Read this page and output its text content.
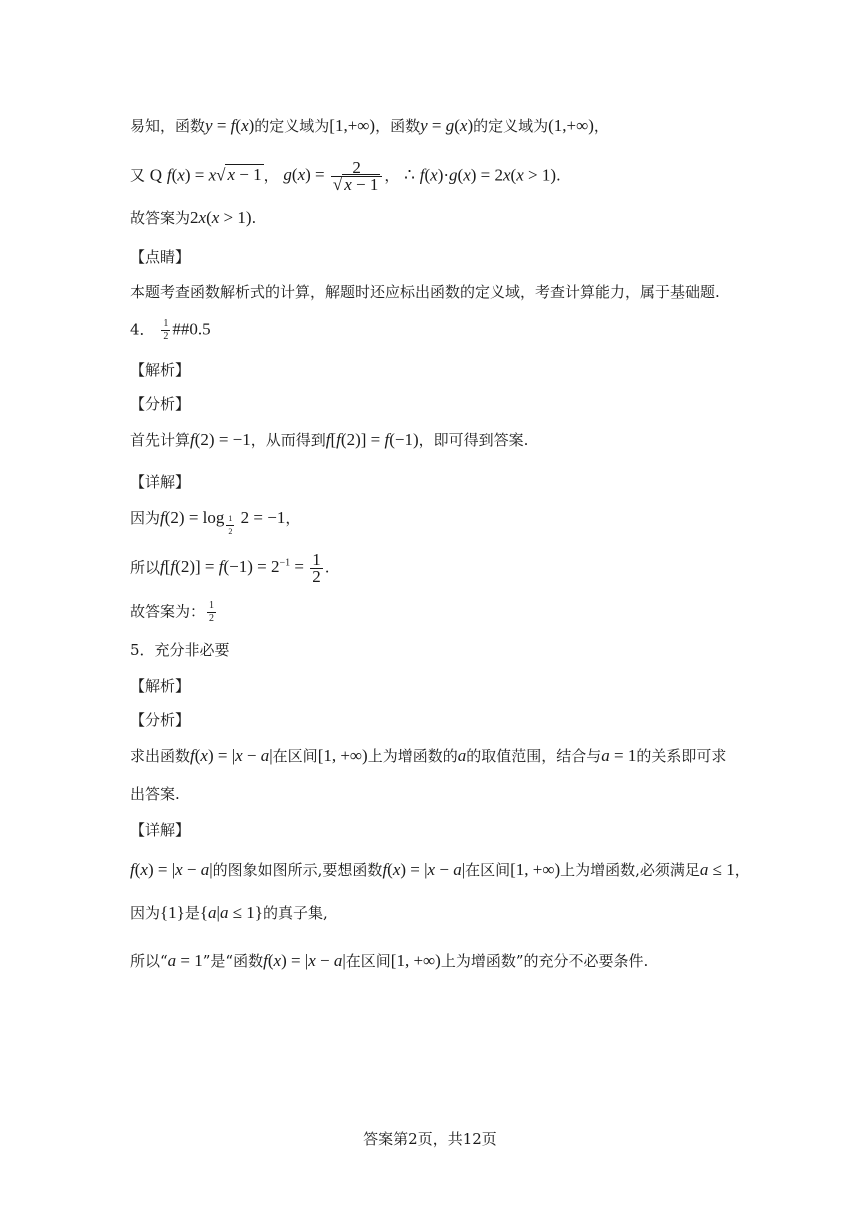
易知，函数y = f(x)的定义域为[1,+∞)，函数y = g(x)的定义域为(1,+∞)，
又 Q f(x) = x√ x − 1 ， $g(x) = \frac{2}{√ x - 1}$ ， ∴ f(x)·g(x) = 2x(x > 1).
故答案为2x(x > 1).
【点睛】
本题考查函数解析式的计算，解题时还应标出函数的定义域，考查计算能力，属于基础题.
4． $\frac{1}{2}$ ##0.5
【解析】
【分析】
首先计算f(2) = −1，从而得到f[f(2)] = f(−1)，即可得到答案.
【详解】
因为f(2) = log $_{\frac{1}{2}}$ 2 = −1，
所以$f[f(2)] = f(-1) = 2^{-1} = \frac{1}{2}$ .
故答案为： $\frac{1}{2}$
5．充分非必要
【解析】
【分析】
求出函数f(x) = |x − a|在区间[1, +∞)上为增函数的a的取值范围，结合与a = 1的关系即可求
出答案.
【详解】
f(x) = |x − a|的图象如图所示,要想函数f(x) = |x − a|在区间[1, +∞)上为增函数,必须满足a ≤ 1，
因为{1}是{a|a ≤ 1}的真子集,
所以“a = 1”是“函数f(x) = |x − a|在区间[1, +∞)上为增函数”的充分不必要条件.
答案第2页，共12页
